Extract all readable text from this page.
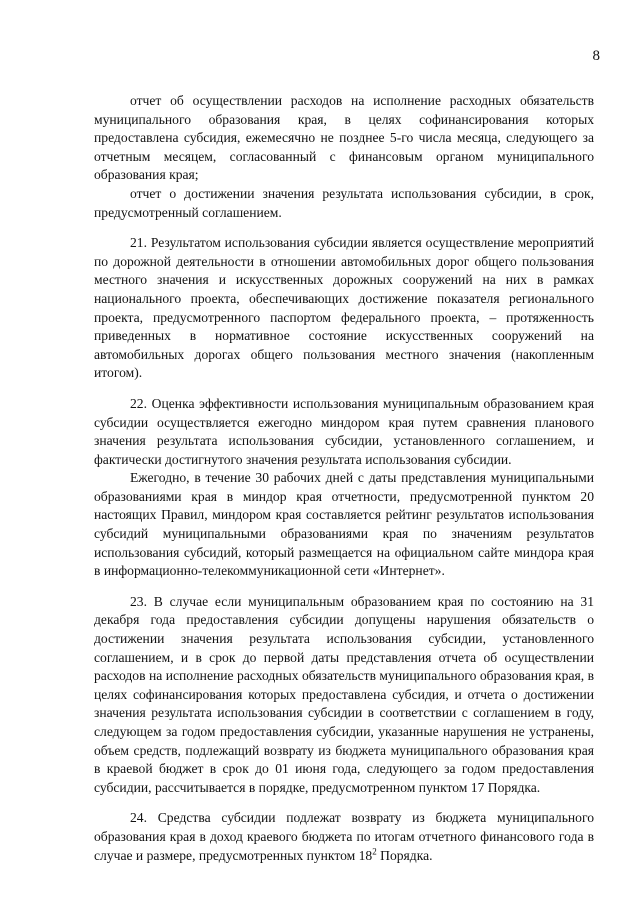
8

отчет об осуществлении расходов на исполнение расходных обязательств муниципального образования края, в целях софинансирования которых предоставлена субсидия, ежемесячно не позднее 5-го числа месяца, следующего за отчетным месяцем, согласованный с финансовым органом муниципального образования края;

отчет о достижении значения результата использования субсидии, в срок, предусмотренный соглашением.

21. Результатом использования субсидии является осуществление мероприятий по дорожной деятельности в отношении автомобильных дорог общего пользования местного значения и искусственных дорожных сооружений на них в рамках национального проекта, обеспечивающих достижение показателя регионального проекта, предусмотренного паспортом федерального проекта, – протяженность приведенных в нормативное состояние искусственных сооружений на автомобильных дорогах общего пользования местного значения (накопленным итогом).

22. Оценка эффективности использования муниципальным образованием края субсидии осуществляется ежегодно миндором края путем сравнения планового значения результата использования субсидии, установленного соглашением, и фактически достигнутого значения результата использования субсидии.

Ежегодно, в течение 30 рабочих дней с даты представления муниципальными образованиями края в миндор края отчетности, предусмотренной пунктом 20 настоящих Правил, миндором края составляется рейтинг результатов использования субсидий муниципальными образованиями края по значениям результатов использования субсидий, который размещается на официальном сайте миндора края в информационно-телекоммуникационной сети «Интернет».

23. В случае если муниципальным образованием края по состоянию на 31 декабря года предоставления субсидии допущены нарушения обязательств о достижении значения результата использования субсидии, установленного соглашением, и в срок до первой даты представления отчета об осуществлении расходов на исполнение расходных обязательств муниципального образования края, в целях софинансирования которых предоставлена субсидия, и отчета о достижении значения результата использования субсидии в соответствии с соглашением в году, следующем за годом предоставления субсидии, указанные нарушения не устранены, объем средств, подлежащий возврату из бюджета муниципального образования края в краевой бюджет в срок до 01 июня года, следующего за годом предоставления субсидии, рассчитывается в порядке, предусмотренном пунктом 17 Порядка.

24. Средства субсидии подлежат возврату из бюджета муниципального образования края в доход краевого бюджета по итогам отчетного финансового года в случае и размере, предусмотренных пунктом $18^2$ Порядка.
